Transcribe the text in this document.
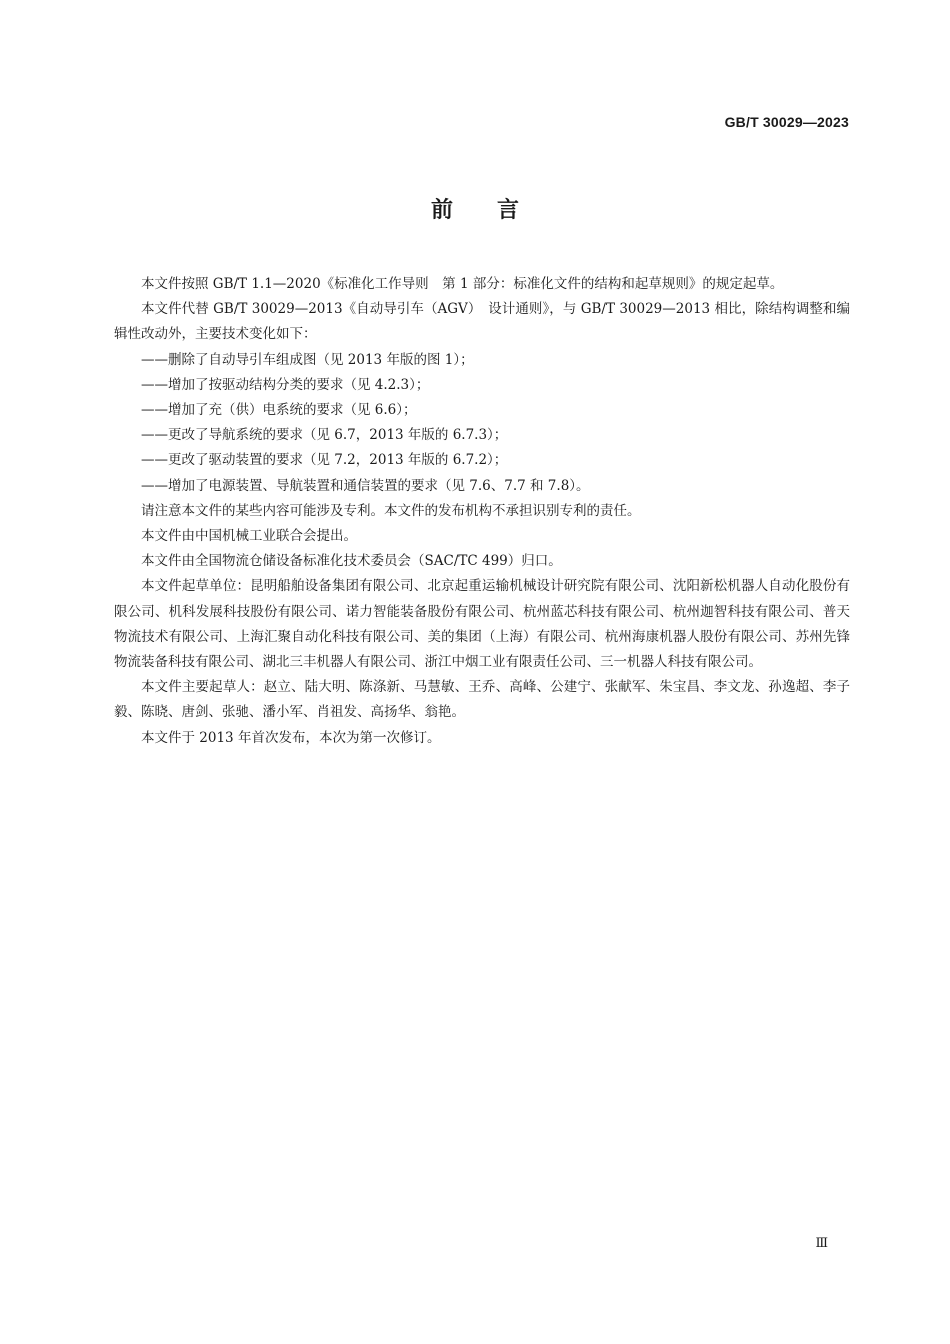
GB/T 30029—2023
前　　言

本文件按照 GB/T 1.1—2020《标准化工作导则　第 1 部分：标准化文件的结构和起草规则》的规定起草。

本文件代替 GB/T 30029—2013《自动导引车（AGV）　设计通则》，与 GB/T 30029—2013 相比，除结构调整和编辑性改动外，主要技术变化如下：

——删除了自动导引车组成图（见 2013 年版的图 1）；

——增加了按驱动结构分类的要求（见 4.2.3）；

——增加了充（供）电系统的要求（见 6.6）；

——更改了导航系统的要求（见 6.7，2013 年版的 6.7.3）；

——更改了驱动装置的要求（见 7.2，2013 年版的 6.7.2）；

——增加了电源装置、导航装置和通信装置的要求（见 7.6、7.7 和 7.8）。

请注意本文件的某些内容可能涉及专利。本文件的发布机构不承担识别专利的责任。

本文件由中国机械工业联合会提出。

本文件由全国物流仓储设备标准化技术委员会（SAC/TC 499）归口。

本文件起草单位：昆明船舶设备集团有限公司、北京起重运输机械设计研究院有限公司、沈阳新松机器人自动化股份有限公司、机科发展科技股份有限公司、诺力智能装备股份有限公司、杭州蓝芯科技有限公司、杭州迦智科技有限公司、普天物流技术有限公司、上海汇聚自动化科技有限公司、美的集团（上海）有限公司、杭州海康机器人股份有限公司、苏州先锋物流装备科技有限公司、湖北三丰机器人有限公司、浙江中烟工业有限责任公司、三一机器人科技有限公司。

本文件主要起草人：赵立、陆大明、陈涤新、马慧敏、王乔、高峰、公建宁、张献军、朱宝昌、李文龙、孙逸超、李子毅、陈晓、唐剑、张驰、潘小军、肖祖发、高扬华、翁艳。

本文件于 2013 年首次发布，本次为第一次修订。

Ⅲ
